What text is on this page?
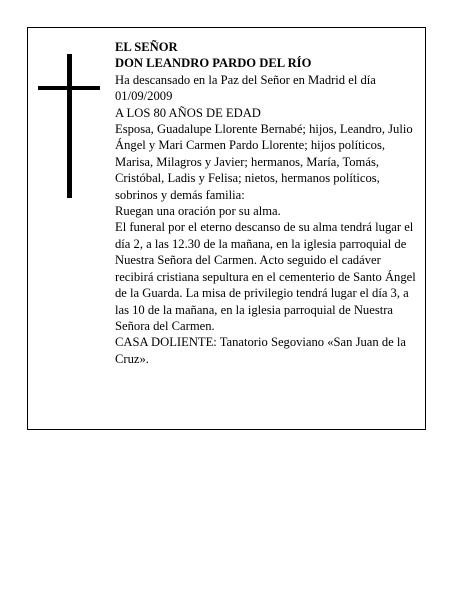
EL SEÑOR

DON LEANDRO PARDO DEL RÍO

Ha descansado en la Paz del Señor en Madrid el día 01/09/2009

A LOS 80 AÑOS DE EDAD

Esposa, Guadalupe Llorente Bernabé; hijos, Leandro, Julio Ángel y Mari Carmen Pardo Llorente; hijos políticos, Marisa, Milagros y Javier; hermanos, María, Tomás, Cristóbal, Ladis y Felisa; nietos, hermanos políticos, sobrinos y demás familia:

Ruegan una oración por su alma.

El funeral por el eterno descanso de su alma tendrá lugar el día 2, a las 12.30 de la mañana, en la iglesia parroquial de Nuestra Señora del Carmen. Acto seguido el cadáver recibirá cristiana sepultura en el cementerio de Santo Ángel de la Guarda. La misa de privilegio tendrá lugar el día 3, a las 10 de la mañana, en la iglesia parroquial de Nuestra Señora del Carmen.

CASA DOLIENTE: Tanatorio Segoviano «San Juan de la Cruz».
